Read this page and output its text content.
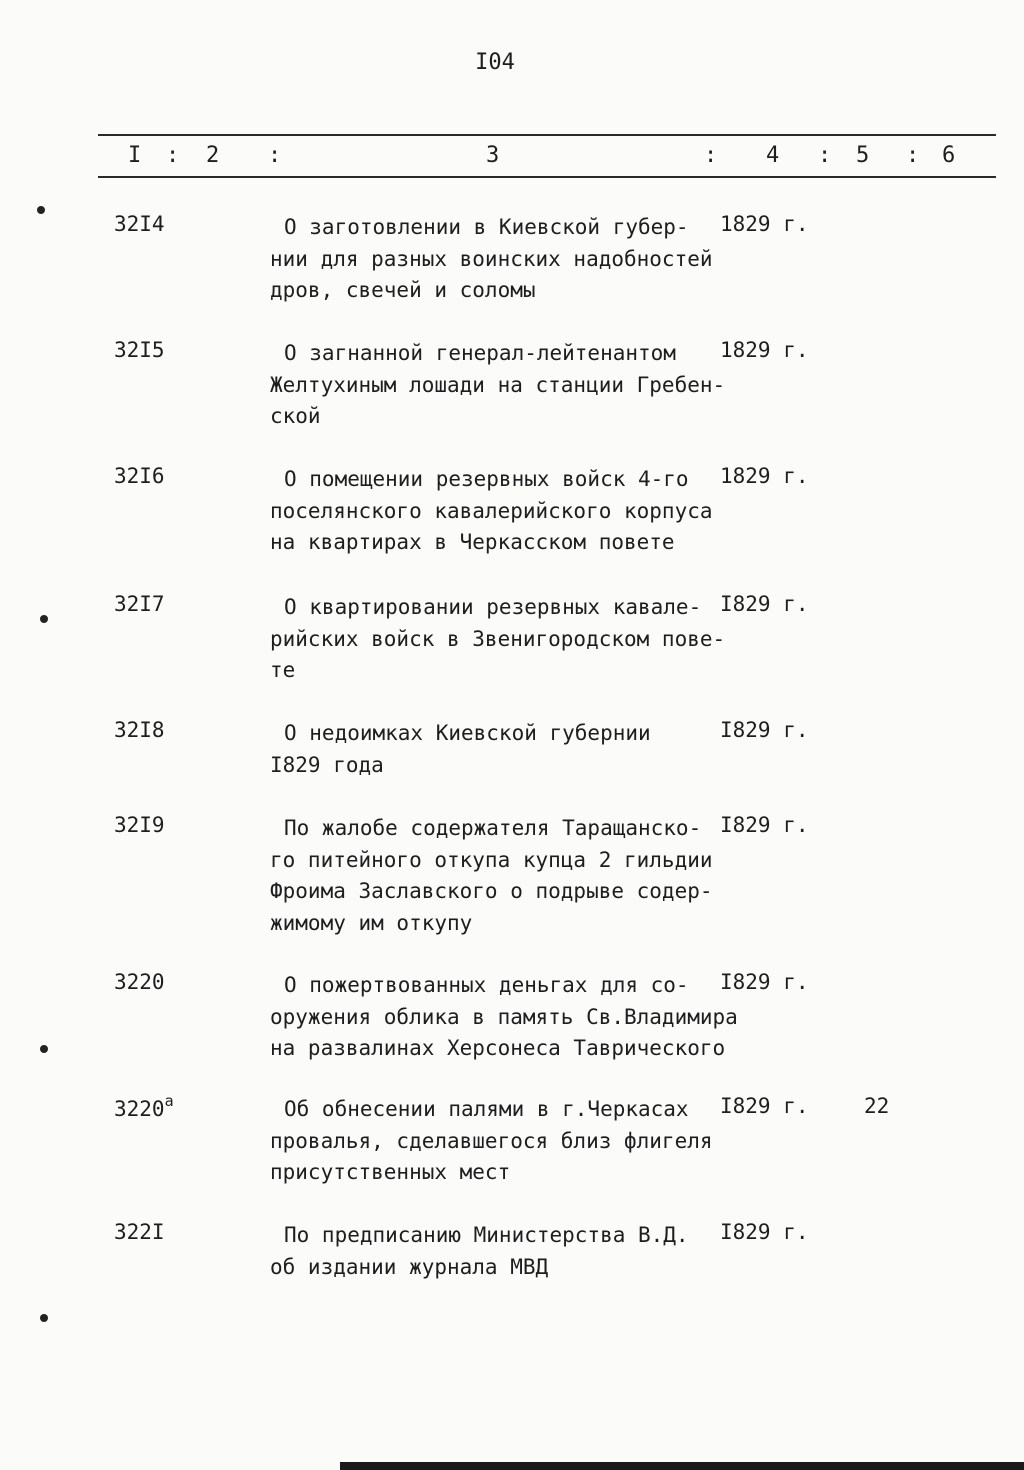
I04
I : 2 :	3	: 4 : 5 : 6
32I4	О заготовлении в Киевской губер-
нии для разных воинских надобностей
дров, свечей и соломы
1829 г.
32I5	О загнанной генерал-лейтенантом
Желтухиным лошади на станции Гребен-
ской
1829 г.
32I6	О помещении резервных войск 4-го
поселянского кавалерийского корпуса
на квартирах в Черкасском повете
1829 г.
32I7	О квартировании резервных кавале-
рийских войск в Звенигородском пове-
те
I829 г.
32I8	О недоимках Киевской губернии
I829 года
I829 г.
32I9	По жалобе содержателя Таращанско-
го питейного откупа купца 2 гильдии
Фроима Заславского о подрыве содер-
жимому им откупу
I829 г.
3220	О пожертвованных деньгах для со-
оружения облика в память Св.Владимира
на развалинах Херсонеса Таврического
I829 г.
$3220^а$	Об обнесении палями в г.Черкасах
провалья, сделавшегося близ флигеля
присутственных мест
I829 г.	22
322I	По предписанию Министерства В.Д.
об издании журнала МВД
I829 г.
